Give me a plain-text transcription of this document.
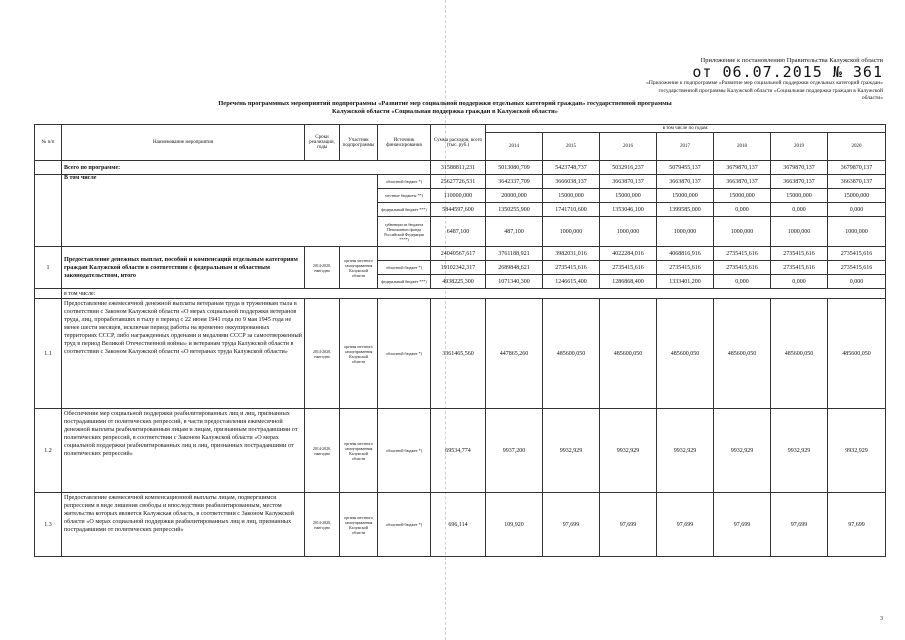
Приложение к постановлению Правительства Калужской области
от 06.07.2015 № 361
«Приложение к подпрограмме «Развитие мер социальной поддержки отдельных категорий граждан» государственной программы Калужской области «Социальная поддержка граждан в Калужской области»
Перечень программных мероприятий подпрограммы «Развитие мер социальной поддержки отдельных категорий граждан» государственной программы Калужской области «Социальная поддержка граждан в Калужской области»
№ п/п	Наименование мероприятия	Сроки реализации, годы	Участник подпрограммы	Источник финансирования	Сумма расходов, всего (тыс. руб.)	в том числе по годам:						
						2014	2015	2016	2017	2018	2019	2020
	Всего по программе:				31588811,231	5013080,709	5423748,737	5032916,237	5079455,137	3679870,137	3679870,137	3679870,137
	В том числе			областной бюджет *)	25627726,531	3642337,709	3666038,137	3663870,137	3663870,137	3663870,137	3663870,137	3663870,137
				местные бюджеты **)	110000,000	20000,000	15000,000	15000,000	15000,000	15000,000	15000,000	15000,000
				федеральный бюджет ***)	5844597,600	1350255,900	1741710,600	1353046,100	1399585,000	0,000	0,000	0,000
				субвенции из бюджета Пенсионного фонда Российской Федерации ****)	6487,100	487,100	1000,000	1000,000	1000,000	1000,000	1000,000	1000,000
1	Предоставление денежных выплат, пособий и компенсаций отдельным категориям граждан Калужской области в соответствии с федеральным и областным законодательством, итого	2014-2020, ежегодно	органы местного самоуправления Калужской области		24040567,617	3761188,921	3982031,016	4022284,016	4068816,916	2735415,616	2735415,616	2735415,616
				областной бюджет *)	19102342,317	2689848,621	2735415,616	2735415,616	2735415,616	2735415,616	2735415,616	2735415,616
				федеральный бюджет ***)	4938225,300	1071340,300	1246615,400	1286868,400	1333401,200	0,000	0,000	0,000
	в том числе:											
1.1	Предоставление ежемесячной денежной выплаты ветеранам труда и труженикам тыла в соответствии с Законом Калужской области «О мерах социальной поддержки ветеранов труда, лиц, проработавших в тылу в период с 22 июня 1941 года по 9 мая 1945 года не менее шести месяцев, исключая период работы на временно оккупированных территориях СССР, либо награжденных орденами и медалями СССР за самоотверженный труд в период Великой Отечественной войны» и ветеранам труда Калужской области в соответствии с Законом Калужской области «О ветеранах труда Калужской области»	2014-2020, ежегодно	органы местного самоуправления Калужской области	областной бюджет *)	3361465,560	447865,260	485600,050	485600,050	485600,050	485600,050	485600,050	485600,050
1.2	Обеспечение мер социальной поддержки реабилитированных лиц и лиц, признанных пострадавшими от политических репрессий, в части предоставления ежемесячной денежной выплаты реабилитированным лицам и лицам, признанным пострадавшими от политических репрессий, в соответствии с Законом Калужской области «О мерах социальной поддержки реабилитированных лиц и лиц, признанных пострадавшими от политических репрессий»	2014-2020, ежегодно	органы местного самоуправления Калужской области	областной бюджет *)	69534,774	9937,200	9932,929	9932,929	9932,929	9932,929	9932,929	9932,929
1.3	Предоставление ежемесячной компенсационной выплаты лицам, подвергшимся репрессиям в виде лишения свободы и впоследствии реабилитированным, местом жительства которых является Калужская область, в соответствии с Законом Калужской области «О мерах социальной поддержки реабилитированных лиц и лиц, признанных пострадавшими от политических репрессий»	2014-2020, ежегодно	органы местного самоуправления Калужской области	областной бюджет *)	696,114	109,920	97,699	97,699	97,699	97,699	97,699	97,699
3
